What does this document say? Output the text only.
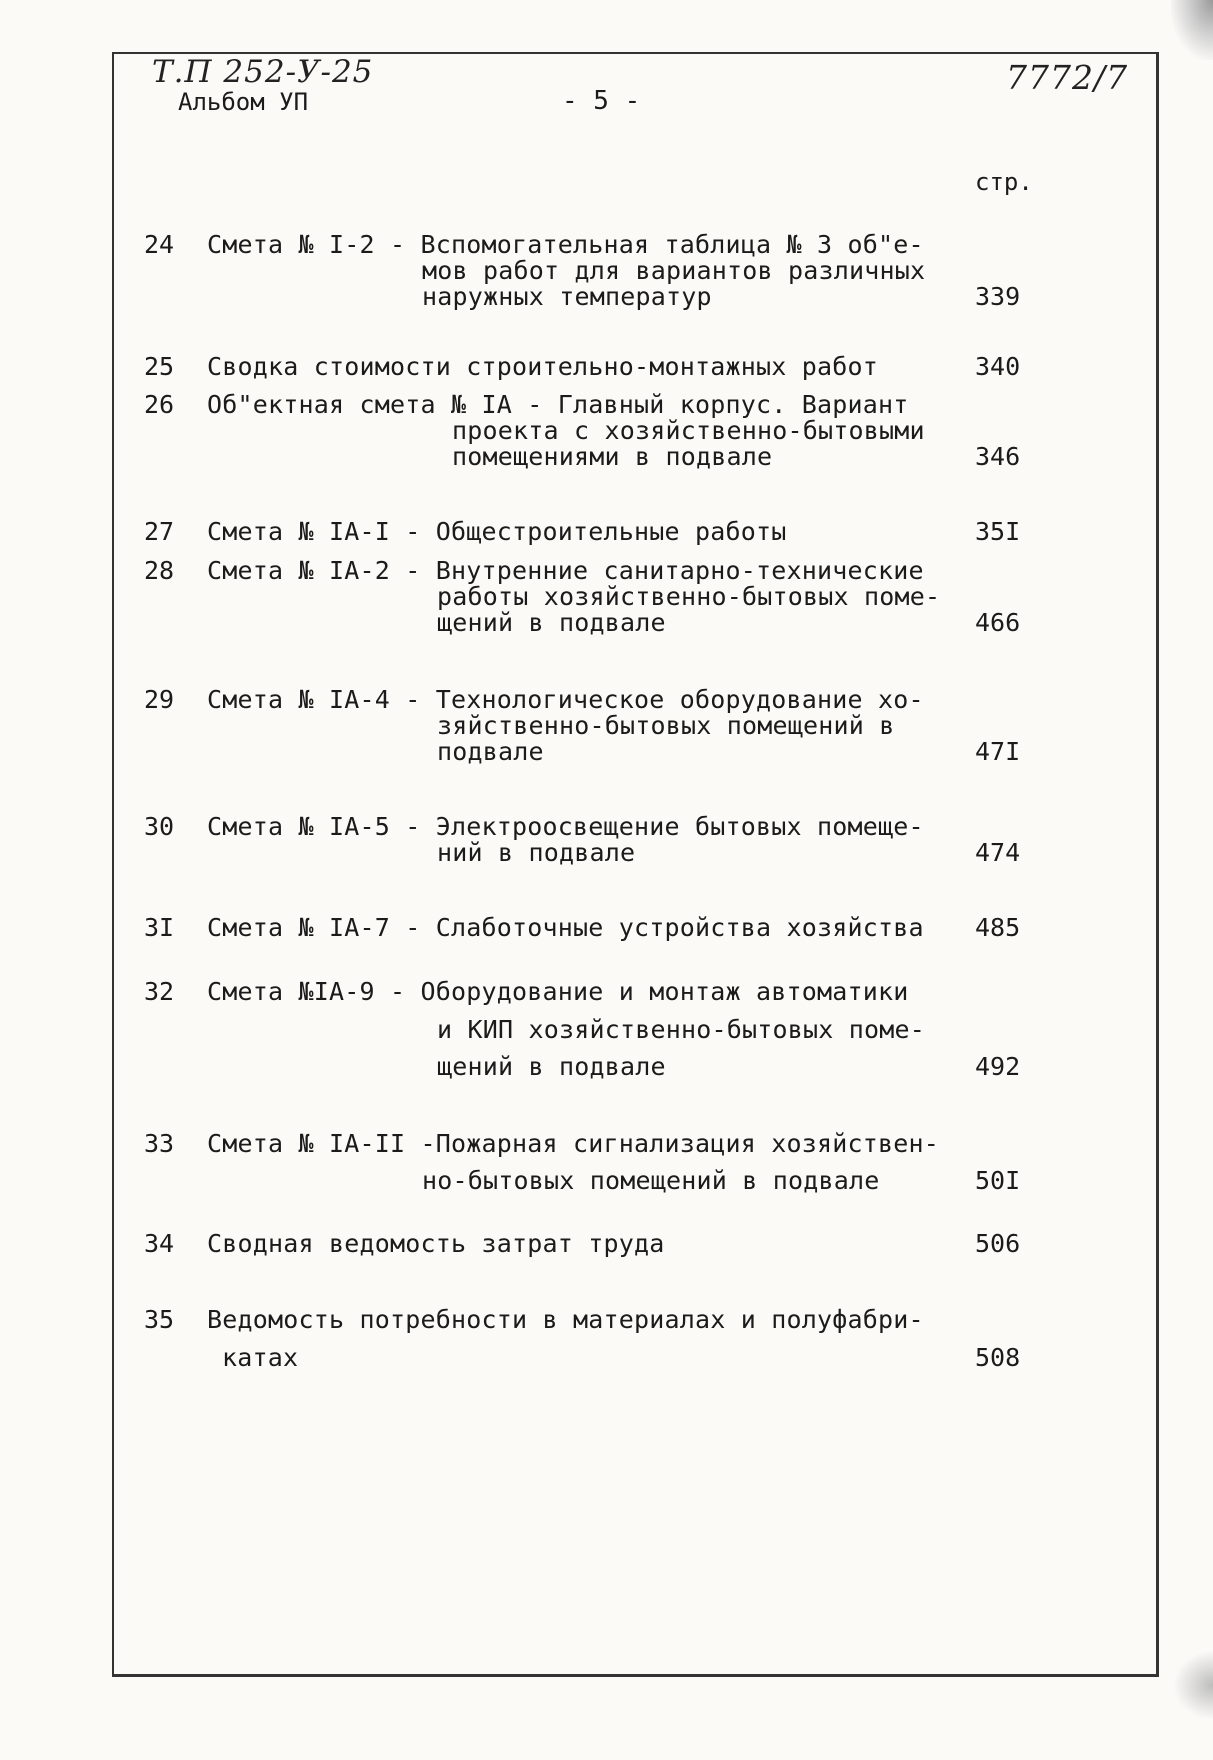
Т.П 252-У-25	7772/7
Альбом УП	- 5 -
стр.
24 Смета № I-2 - Вспомогательная таблица № 3 об"е-
мов работ для вариантов различных
наружных температур	339
25 Сводка стоимости строительно-монтажных работ	340
26 Об"ектная смета № IA - Главный корпус. Вариант
проекта с хозяйственно-бытовыми
помещениями в подвале	346
27 Смета № IA-I - Общестроительные работы	35I
28 Смета № IA-2 - Внутренние санитарно-технические
работы хозяйственно-бытовых поме-
щений в подвале	466
29 Смета № IA-4 - Технологическое оборудование хо-
зяйственно-бытовых помещений в
подвале	47I
30 Смета № IA-5 - Электроосвещение бытовых помеще-
ний в подвале	474
3I Смета № IA-7 - Слаботочные устройства хозяйства 485
32 Смета №IA-9 - Оборудование и монтаж автоматики
и КИП хозяйственно-бытовых поме-
щений в подвале	492
33 Смета № IA-II -Пожарная сигнализация хозяйствен-
но-бытовых помещений в подвале	50I
34 Сводная ведомость затрат труда	506
35 Ведомость потребности в материалах и полуфабри-
катах	508
